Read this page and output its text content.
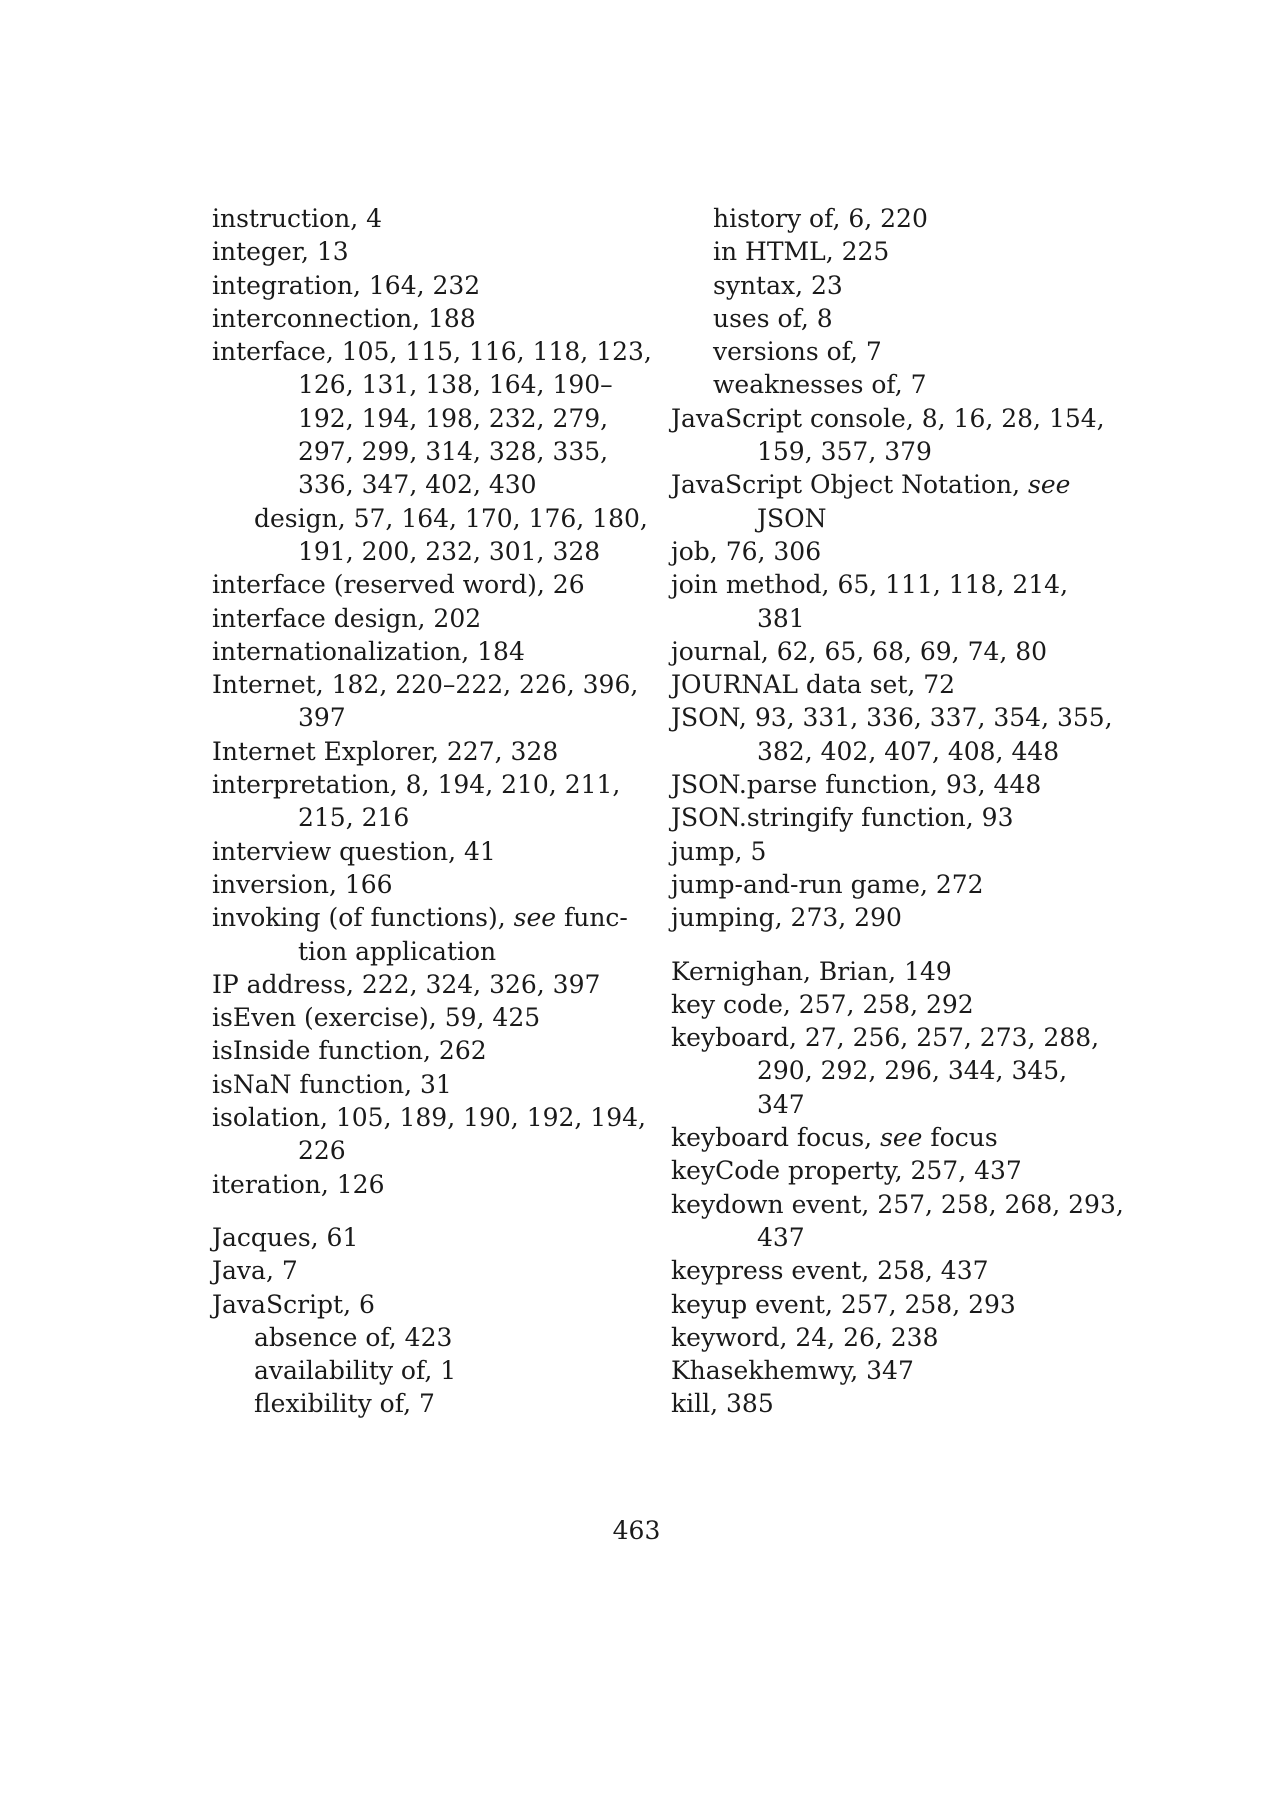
instruction, 4
integer, 13
integration, 164, 232
interconnection, 188
interface, 105, 115, 116, 118, 123,
126, 131, 138, 164, 190–
192, 194, 198, 232, 279,
297, 299, 314, 328, 335,
336, 347, 402, 430
design, 57, 164, 170, 176, 180,
191, 200, 232, 301, 328
interface (reserved word), 26
interface design, 202
internationalization, 184
Internet, 182, 220–222, 226, 396,
397
Internet Explorer, 227, 328
interpretation, 8, 194, 210, 211,
215, 216
interview question, 41
inversion, 166
invoking (of functions), see func-
tion application
IP address, 222, 324, 326, 397
isEven (exercise), 59, 425
isInside function, 262
isNaN function, 31
isolation, 105, 189, 190, 192, 194,
226
iteration, 126
Jacques, 61
Java, 7
JavaScript, 6
absence of, 423
availability of, 1
flexibility of, 7
history of, 6, 220
in HTML, 225
syntax, 23
uses of, 8
versions of, 7
weaknesses of, 7
JavaScript console, 8, 16, 28, 154,
159, 357, 379
JavaScript Object Notation, see
JSON
job, 76, 306
join method, 65, 111, 118, 214,
381
journal, 62, 65, 68, 69, 74, 80
JOURNAL data set, 72
JSON, 93, 331, 336, 337, 354, 355,
382, 402, 407, 408, 448
JSON.parse function, 93, 448
JSON.stringify function, 93
jump, 5
jump-and-run game, 272
jumping, 273, 290
Kernighan, Brian, 149
key code, 257, 258, 292
keyboard, 27, 256, 257, 273, 288,
290, 292, 296, 344, 345,
347
keyboard focus, see focus
keyCode property, 257, 437
keydown event, 257, 258, 268, 293,
437
keypress event, 258, 437
keyup event, 257, 258, 293
keyword, 24, 26, 238
Khasekhemwy, 347
kill, 385
463
